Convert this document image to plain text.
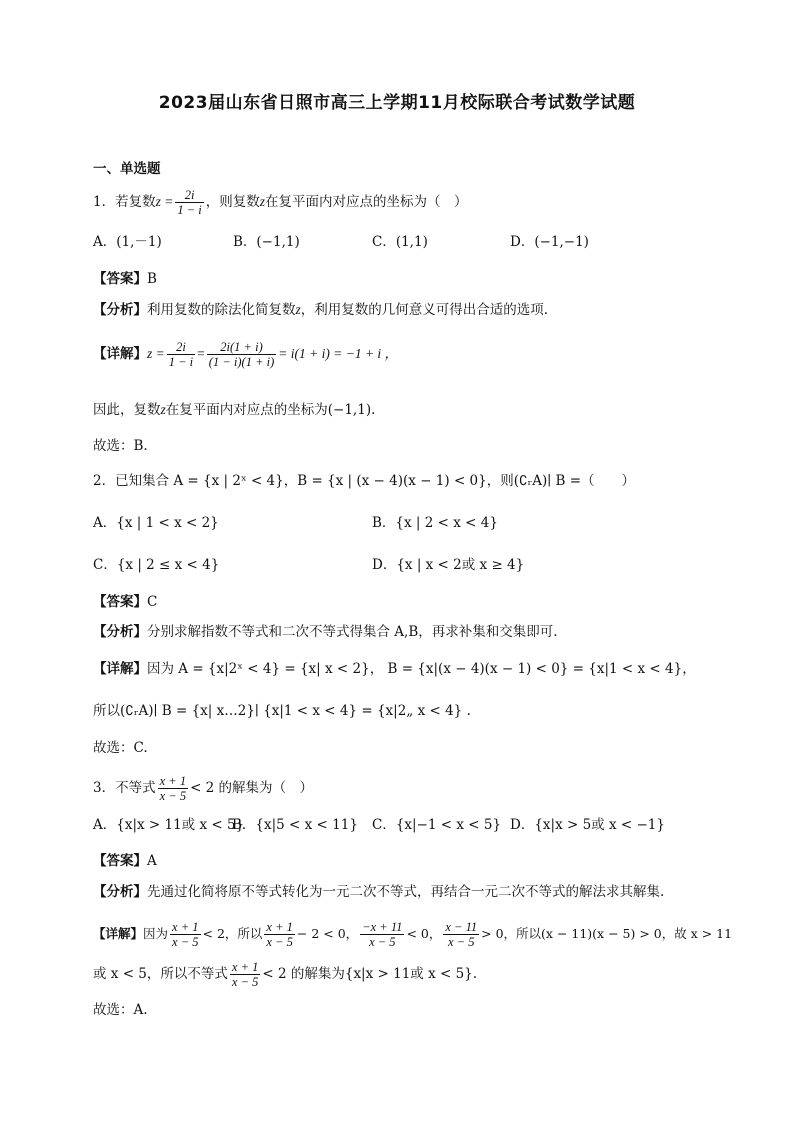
2023届山东省日照市高三上学期11月校际联合考试数学试题
一、单选题
1．若复数$z = \frac{2i}{1 - i}$ ，则复数z在复平面内对应点的坐标为（　）
A．(1,－1)	B．(−1,1)	C．(1,1)	D．(−1,−1)
【答案】B
【分析】利用复数的除法化简复数z，利用复数的几何意义可得出合适的选项.
【详解】$z = \frac{2i}{1 - i} = \frac{2i(1 + i)}{(1 - i)(1 + i)} = i(1 + i) = -1 + i$ ，
因此，复数z在复平面内对应点的坐标为(−1,1).
故选：B.
2．已知集合 A = {x | 2ˣ < 4}，B = {x | (x − 4)(x − 1) < 0}，则(∁ᵣA)∣ B =（　　）
A．{x | 1 < x < 2}	B．{x | 2 < x < 4}
C．{x | 2 ≤ x < 4}	D．{x | x < 2或 x ≥ 4}
【答案】C
【分析】分别求解指数不等式和二次不等式得集合 A,B，再求补集和交集即可.
【详解】因为 A = {x|2ˣ < 4} = {x| x < 2}， B = {x|(x − 4)(x − 1) < 0} = {x|1 < x < 4}，
所以(∁ᵣA)∣ B = {x| x…2}∣ {x|1 < x < 4} = {x|2„ x < 4} .
故选：C.
3．不等式 $\frac{x + 1}{x - 5} < 2$ 的解集为（　）
A．{x|x > 11或 x < 5}
B．{x|5 < x < 11} C．{x|−1 < x < 5} D．{x|x > 5或 x < −1}
【答案】A
【分析】先通过化简将原不等式转化为一元二次不等式，再结合一元二次不等式的解法求其解集.
【详解】因为 $\frac{x + 1}{x - 5} < 2$，所以 $\frac{x + 1}{x - 5} - 2 < 0$， $\frac{-x + 11}{x - 5} < 0$， $\frac{x - 11}{x - 5} > 0$，所以(x − 11)(x − 5) > 0，故 x > 11
或 x < 5，所以不等式 $\frac{x + 1}{x - 5} < 2$ 的解集为{x|x > 11或 x < 5}.
故选：A.
